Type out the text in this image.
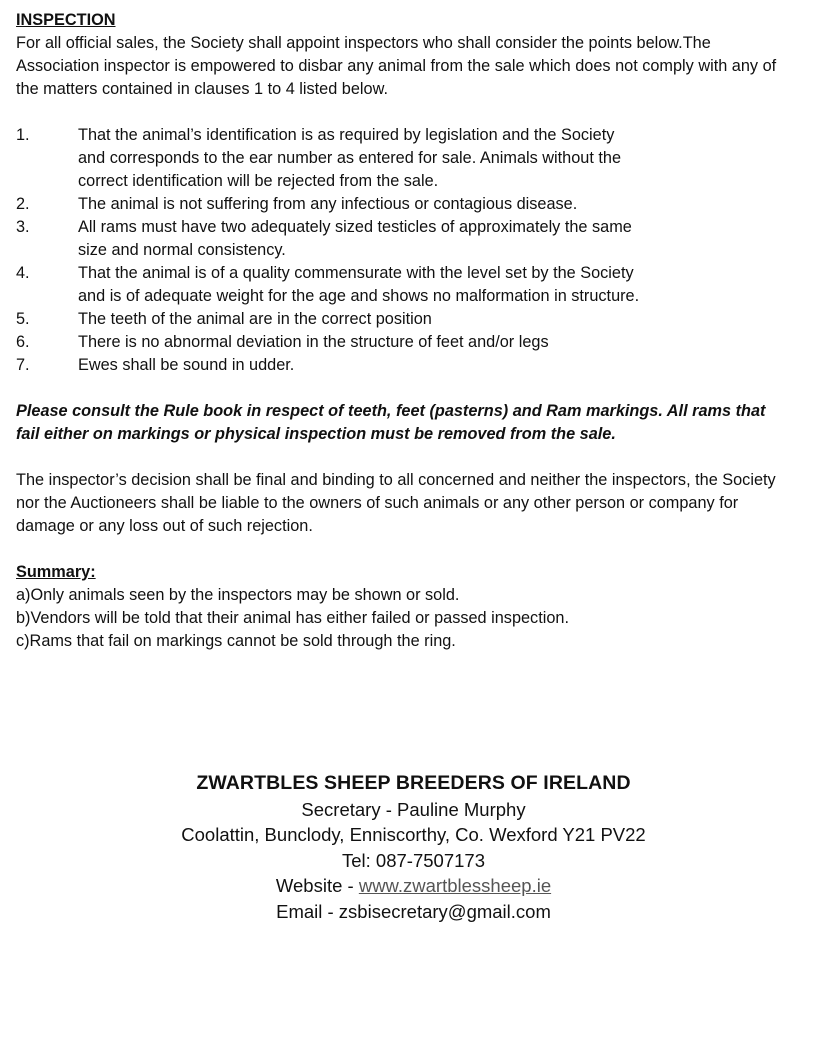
INSPECTION

For all official sales, the Society shall appoint inspectors who shall consider the points below.The
Association inspector is empowered to disbar any animal from the sale which does not comply with any of
the matters contained in clauses 1 to 4 listed below.

1.	That the animal’s identification is as required by legislation and the Society
and corresponds to the ear number as entered for sale. Animals without the
correct identification will be rejected from the sale.
2.	The animal is not suffering from any infectious or contagious disease.
3.	All rams must have two adequately sized testicles of approximately the same
size and normal consistency.
4.	That the animal is of a quality commensurate with the level set by the Society
and is of adequate weight for the age and shows no malformation in structure.
5.	The teeth of the animal are in the correct position
6.	There is no abnormal deviation in the structure of feet and/or legs
7.	Ewes shall be sound in udder.

Please consult the Rule book in respect of teeth, feet (pasterns) and Ram markings. All rams that
fail either on markings or physical inspection must be removed from the sale.

The inspector’s decision shall be final and binding to all concerned and neither the inspectors, the Society
nor the Auctioneers shall be liable to the owners of such animals or any other person or company for
damage or any loss out of such rejection.

Summary:

a)Only animals seen by the inspectors may be shown or sold.

b)Vendors will be told that their animal has either failed or passed inspection.

c)Rams that fail on markings cannot be sold through the ring.

ZWARTBLES SHEEP BREEDERS OF IRELAND

Secretary - Pauline Murphy

Coolattin, Bunclody, Enniscorthy, Co. Wexford Y21 PV22

Tel: 087-7507173

Website - www.zwartblessheep.ie

Email - zsbisecretary@gmail.com
